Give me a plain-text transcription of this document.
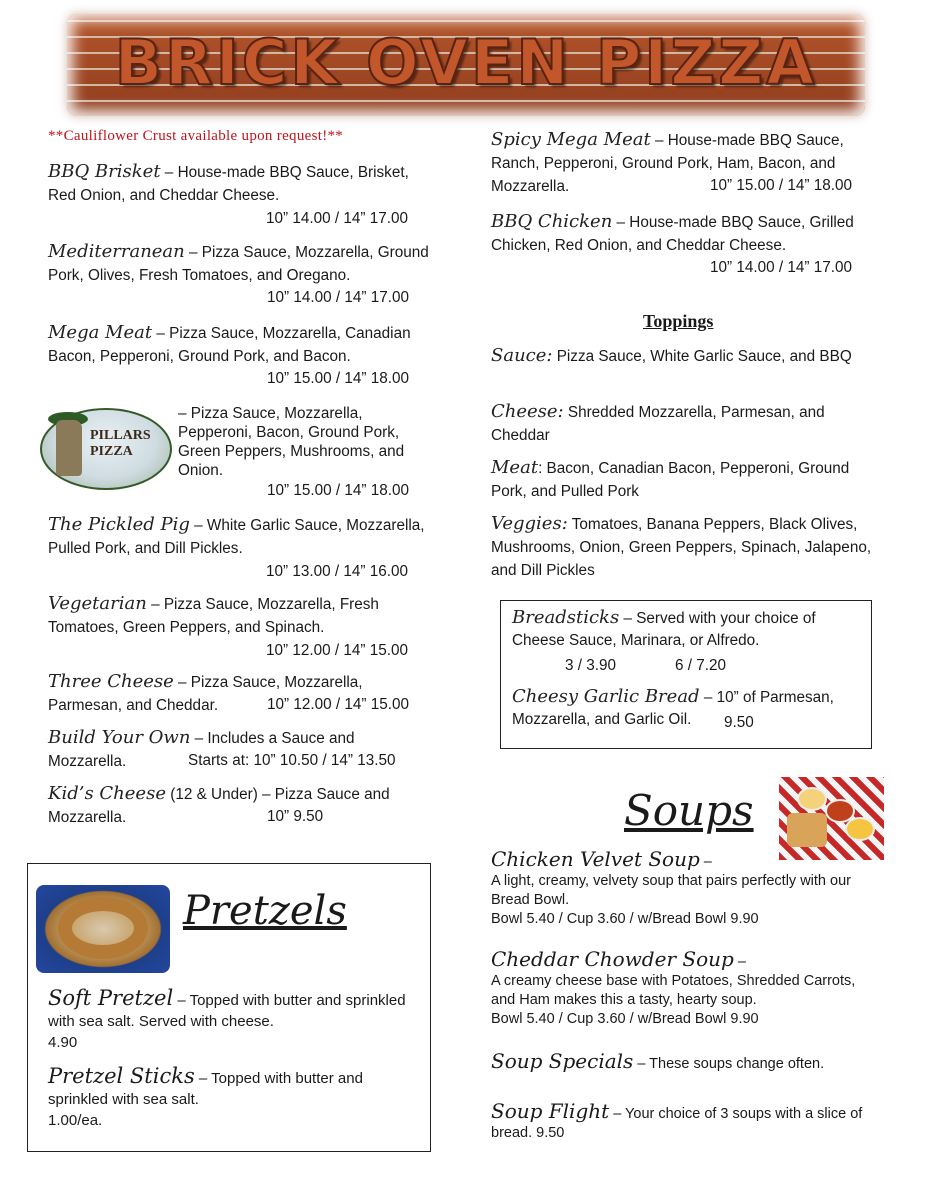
BRICK OVEN PIZZA
**Cauliflower Crust available upon request!**
BBQ Brisket – House-made BBQ Sauce, Brisket, Red Onion, and Cheddar Cheese.
10” 14.00 / 14” 17.00
Mediterranean – Pizza Sauce, Mozzarella, Ground Pork, Olives, Fresh Tomatoes, and Oregano.
10” 14.00 / 14” 17.00
Mega Meat – Pizza Sauce, Mozzarella, Canadian Bacon, Pepperoni, Ground Pork, and Bacon.
10” 15.00 / 14” 18.00
PILLARS PIZZA
– Pizza Sauce, Mozzarella, Pepperoni, Bacon, Ground Pork, Green Peppers, Mushrooms, and Onion.
10” 15.00 / 14” 18.00
The Pickled Pig – White Garlic Sauce, Mozzarella, Pulled Pork, and Dill Pickles.
10” 13.00 / 14” 16.00
Vegetarian – Pizza Sauce, Mozzarella, Fresh Tomatoes, Green Peppers, and Spinach.
10” 12.00 / 14” 15.00
Three Cheese – Pizza Sauce, Mozzarella, Parmesan, and Cheddar.	10” 12.00 / 14” 15.00
Build Your Own – Includes a Sauce and Mozzarella.	Starts at: 10” 10.50 / 14” 13.50
Kid’s Cheese (12 & Under) – Pizza Sauce and Mozzarella.	10” 9.50
Spicy Mega Meat – House-made BBQ Sauce, Ranch, Pepperoni, Ground Pork, Ham, Bacon, and Mozzarella.	10” 15.00 / 14” 18.00
BBQ Chicken – House-made BBQ Sauce, Grilled Chicken, Red Onion, and Cheddar Cheese.
10” 14.00 / 14” 17.00
Toppings
Sauce: Pizza Sauce, White Garlic Sauce, and BBQ
Cheese: Shredded Mozzarella, Parmesan, and Cheddar
Meat: Bacon, Canadian Bacon, Pepperoni, Ground Pork, and Pulled Pork
Veggies: Tomatoes, Banana Peppers, Black Olives, Mushrooms, Onion, Green Peppers, Spinach, Jalapeno, and Dill Pickles
Breadsticks – Served with your choice of Cheese Sauce, Marinara, or Alfredo.
3 / 3.90	6 / 7.20
Cheesy Garlic Bread – 10” of Parmesan, Mozzarella, and Garlic Oil.	9.50
Soups
Chicken Velvet Soup –
A light, creamy, velvety soup that pairs perfectly with our Bread Bowl.
Bowl 5.40 / Cup 3.60 / w/Bread Bowl 9.90
Cheddar Chowder Soup –
A creamy cheese base with Potatoes, Shredded Carrots, and Ham makes this a tasty, hearty soup.
Bowl 5.40 / Cup 3.60 / w/Bread Bowl 9.90
Soup Specials – These soups change often.
Soup Flight – Your choice of 3 soups with a slice of bread. 9.50
Pretzels
Soft Pretzel – Topped with butter and sprinkled with sea salt. Served with cheese.
4.90
Pretzel Sticks – Topped with butter and sprinkled with sea salt.
1.00/ea.
